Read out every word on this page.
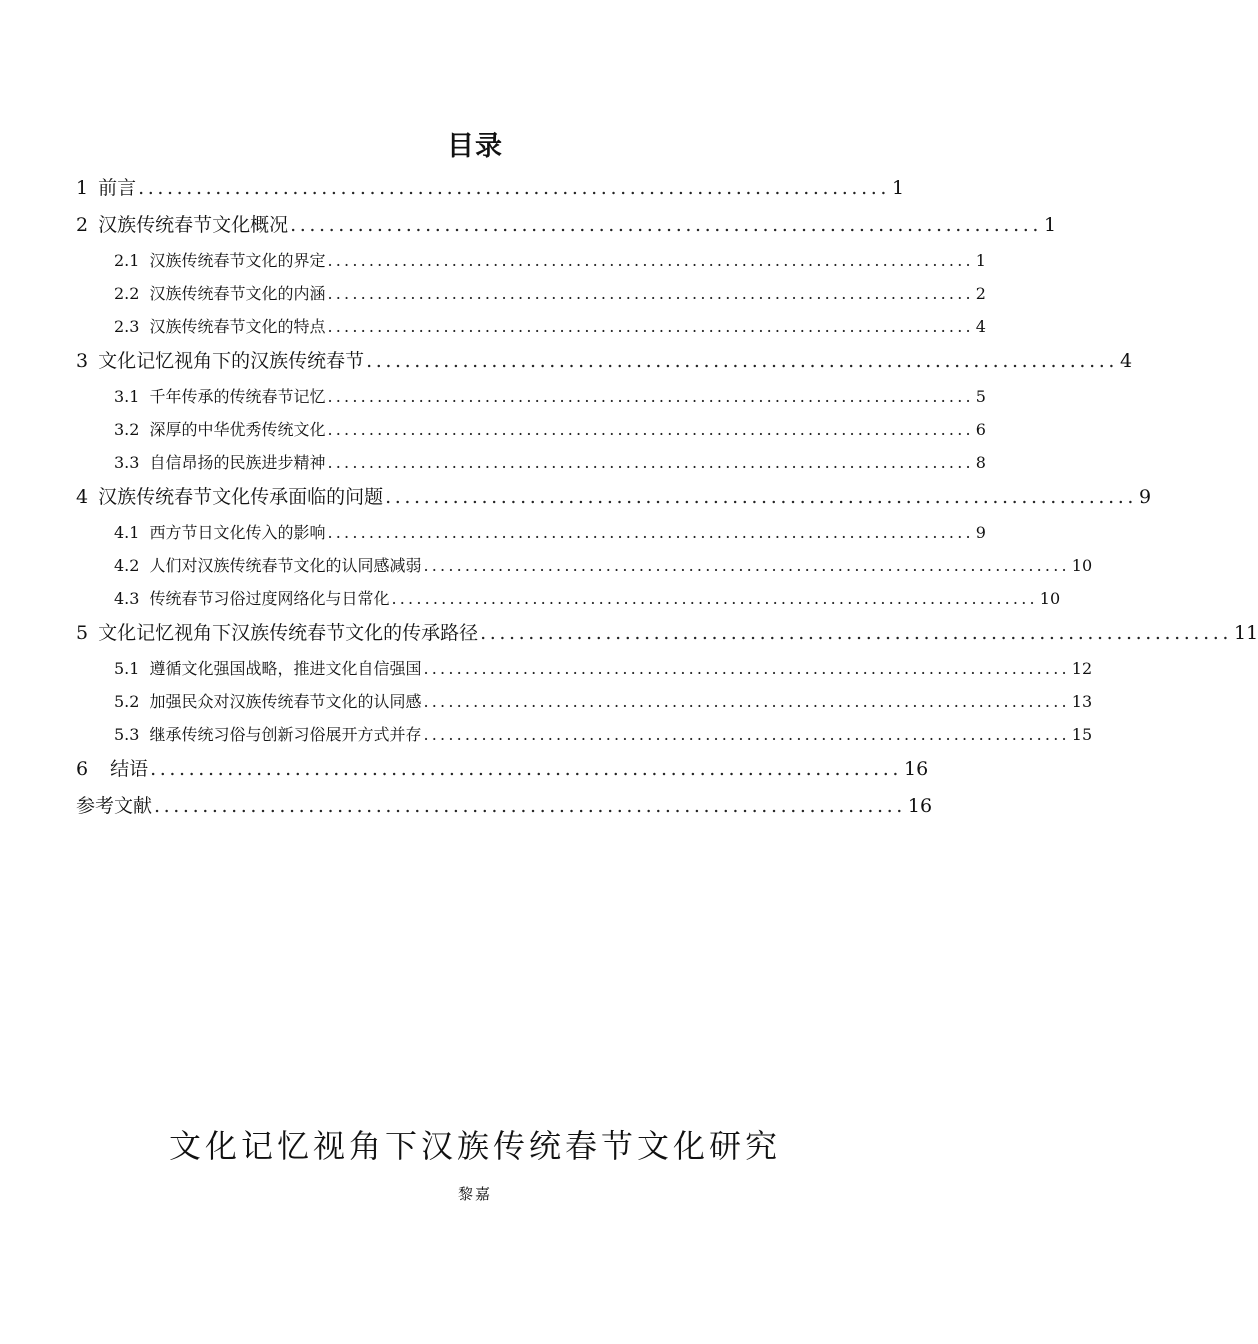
目录
1 前言 .............................................................................. 1
2 汉族传统春节文化概况 .............................................................................. 1
2.1 汉族传统春节文化的界定 .............................................................................. 1
2.2 汉族传统春节文化的内涵 .............................................................................. 2
2.3 汉族传统春节文化的特点 .............................................................................. 4
3 文化记忆视角下的汉族传统春节 .............................................................................. 4
3.1 千年传承的传统春节记忆 .............................................................................. 5
3.2 深厚的中华优秀传统文化 .............................................................................. 6
3.3 自信昂扬的民族进步精神 .............................................................................. 8
4 汉族传统春节文化传承面临的问题 .............................................................................. 9
4.1 西方节日文化传入的影响 .............................................................................. 9
4.2 人们对汉族传统春节文化的认同感减弱 .............................................................................. 10
4.3 传统春节习俗过度网络化与日常化 .............................................................................. 10
5 文化记忆视角下汉族传统春节文化的传承路径 .............................................................................. 11
5.1 遵循文化强国战略，推进文化自信强国 .............................................................................. 12
5.2 加强民众对汉族传统春节文化的认同感 .............................................................................. 13
5.3 继承传统习俗与创新习俗展开方式并存 .............................................................................. 15
6 结语 .............................................................................. 16
参考文献 .............................................................................. 16
文化记忆视角下汉族传统春节文化研究
黎嘉
